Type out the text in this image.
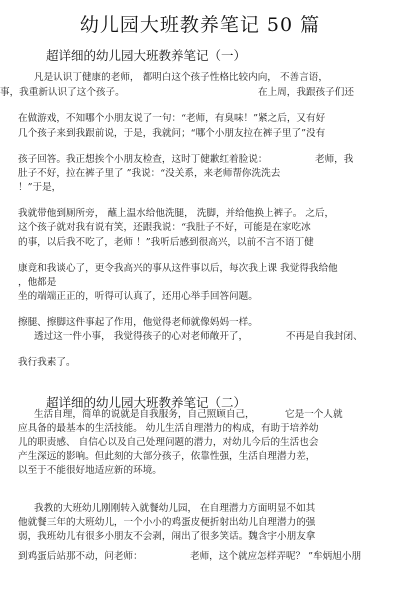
幼儿园大班教养笔记 50 篇
超详细的幼儿园大班教养笔记（一）
凡是认识丁健康的老师， 都明白这个孩子性格比较内向， 不善言语，
事，我重新认识了这个孩子。	在上周，我跟孩子们还
在做游戏，不知哪个小朋友说了一句：“老师，有臭味！”紧之后，又有好
几个孩子来到我跟前说，于是，我就问；“哪个小朋友拉在裤子里了”没有
孩子回答。我正想挨个小朋友检查，这时丁健歉红着脸说：	老师，我
肚子不好，拉在裤子里了 ”我说：“没关系，来老师帮你洗洗去
！”于是，
我就带他到厕所旁， 蘸上温水给他洗腿， 洗脚，并给他换上裤子。 之后，
这个孩子就对我有说有笑，还跟我说：“我肚子不好，可能是在家吃冰
的事，以后我不吃了，老师 ！”我听后感到很高兴，以前不言不语丁健
康竟和我谈心了，更令我高兴的事从这件事以后，每次我上课 我觉得我给他
，他都是
坐的端端正正的，听得可认真了，还用心举手回答问题。
擦腿、擦脚这件事起了作用，他觉得老师就像妈妈一样。
透过这一件小事， 我觉得孩子的心对老师敞开了，	不再是自我封闭、
我行我素了。
超详细的幼儿园大班教养笔记（二）
生活自理，简单的说就是自我服务，自己照顾自己，	它是一个人就
应具备的最基本的生活技能。 幼儿生活自理潜力的构成，有助于培养幼
儿的职责感、 自信心以及自己处理问题的潜力，对幼儿今后的生活也会
产生深远的影响。但此刻的大部分孩子，依靠性强，生活自理潜力差，
以至于不能很好地适应新的环境。
我教的大班幼儿刚刚转入就餐幼儿园， 在自理潜力方面明显不如其
他就餐三年的大班幼儿，一个小小的鸡蛋皮便折射出幼儿自理潜力的强
弱，我班幼儿有很多小朋友不会剥，闹出了很多笑话。魏含宇小朋友拿
到鸡蛋后站那不动，问老师：	老师，这个就应怎样弄呢？ ”牟炳旭小朋
